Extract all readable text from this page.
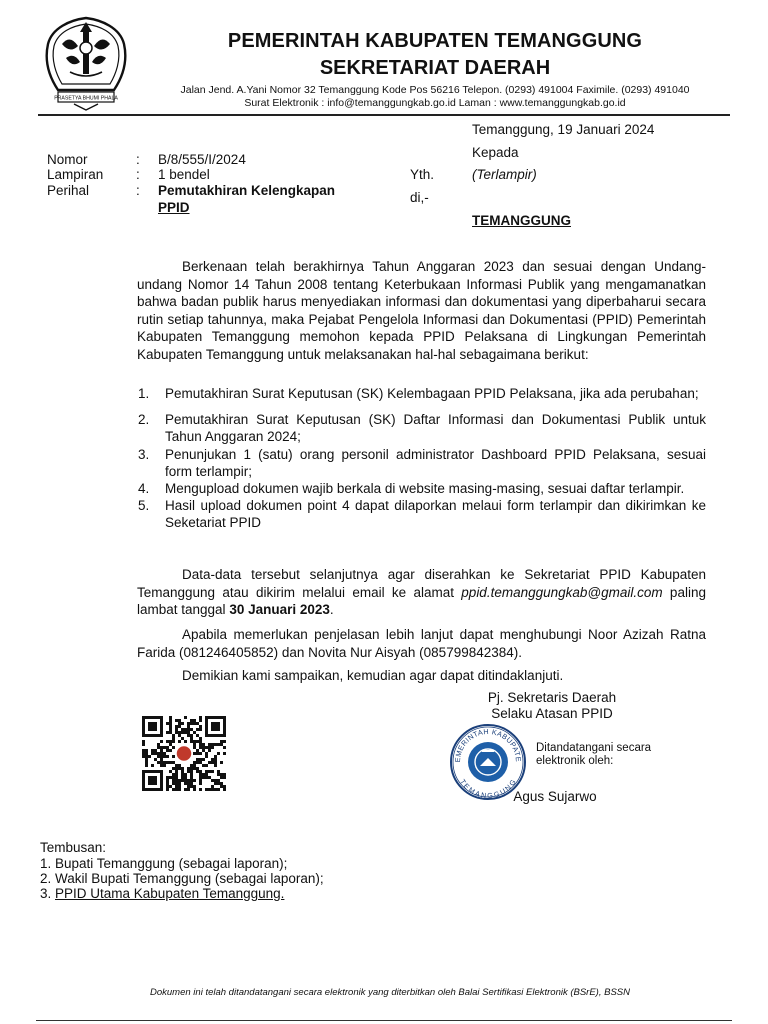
PRASETYA BHUMI PHALA
PEMERINTAH KABUPATEN TEMANGGUNG
SEKRETARIAT DAERAH
Jalan Jend. A.Yani Nomor 32 Temanggung Kode Pos 56216 Telepon. (0293) 491004 Faximile. (0293) 491040
Surat Elektronik : info@temanggungkab.go.id Laman : www.temanggungkab.go.id
Temanggung, 19 Januari 2024
Kepada
Nomor	: B/8/555/I/2024
Lampiran : 1 bendel
Perihal	: Pemutakhiran Kelengkapan
PPID
Yth.	(Terlampir)
di,-
TEMANGGUNG
Berkenaan telah berakhirnya Tahun Anggaran 2023 dan sesuai dengan Undang-undang Nomor 14 Tahun 2008 tentang Keterbukaan Informasi Publik yang mengamanatkan bahwa badan publik harus menyediakan informasi dan dokumentasi yang diperbaharui secara rutin setiap tahunnya, maka Pejabat Pengelola Informasi dan Dokumentasi (PPID) Pemerintah Kabupaten Temanggung memohon kepada PPID Pelaksana di Lingkungan Pemerintah Kabupaten Temanggung untuk melaksanakan hal-hal sebagaimana berikut:
1. Pemutakhiran Surat Keputusan (SK) Kelembagaan PPID Pelaksana, jika ada perubahan;
2. Pemutakhiran Surat Keputusan (SK) Daftar Informasi dan Dokumentasi Publik untuk Tahun Anggaran 2024;
3. Penunjukan 1 (satu) orang personil administrator Dashboard PPID Pelaksana, sesuai form terlampir;
4. Mengupload dokumen wajib berkala di website masing-masing, sesuai daftar terlampir.
5. Hasil upload dokumen point 4 dapat dilaporkan melaui form terlampir dan dikirimkan ke Seketariat PPID
Data-data tersebut selanjutnya agar diserahkan ke Sekretariat PPID Kabupaten Temanggung atau dikirim melalui email ke alamat ppid.temanggungkab@gmail.com paling lambat tanggal 30 Januari 2023.
Apabila memerlukan penjelasan lebih lanjut dapat menghubungi Noor Azizah Ratna Farida (081246405852) dan Novita Nur Aisyah (085799842384).
Demikian kami sampaikan, kemudian agar dapat ditindaklanjuti.
Pj. Sekretaris Daerah
Selaku Atasan PPID
EMERINTAH KABUPATE
TEMANGGUNG
Ditandatangani secara
elektronik oleh:
Agus Sujarwo
Tembusan:
1. Bupati Temanggung (sebagai laporan);
2. Wakil Bupati Temanggung (sebagai laporan);
3. PPID Utama Kabupaten Temanggung.
Dokumen ini telah ditandatangani secara elektronik yang diterbitkan oleh Balai Sertifikasi Elektronik (BSrE), BSSN
